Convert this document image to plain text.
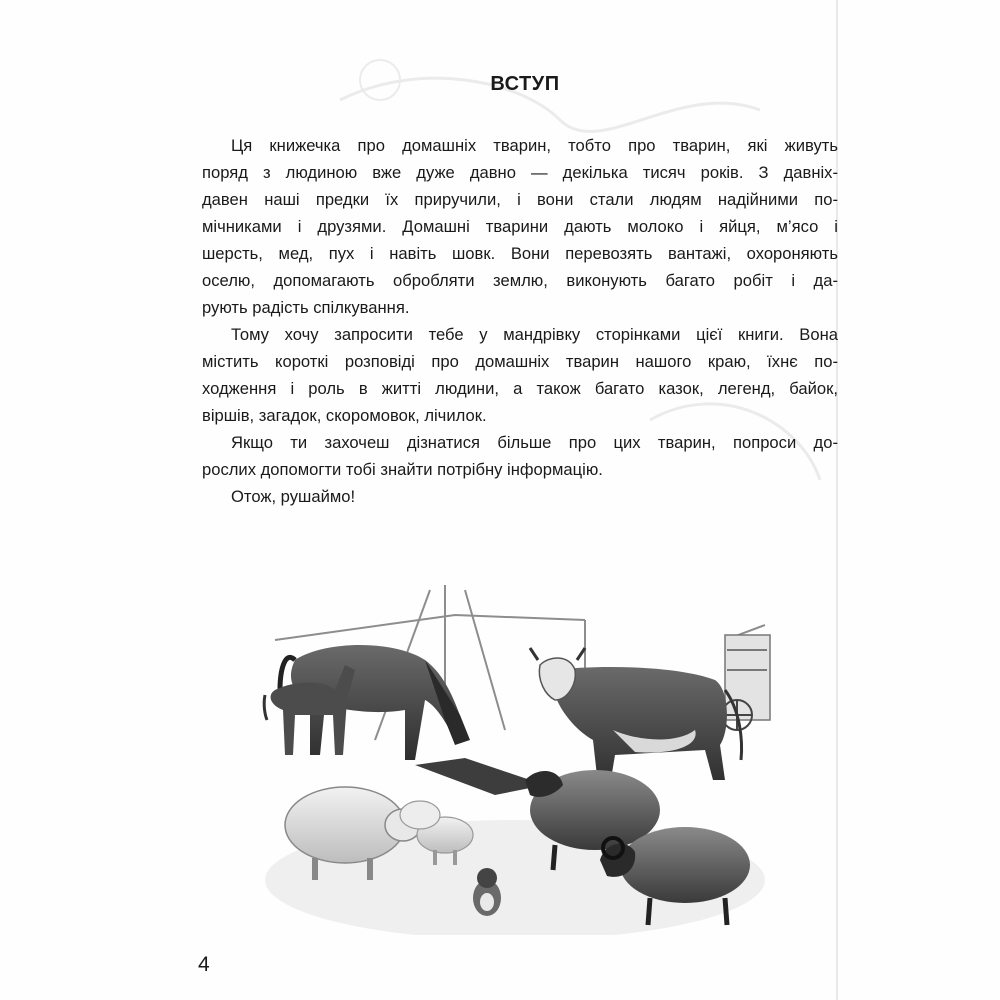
ВСТУП

Ця книжечка про домашніх тварин, тобто про тварин, які живуть
поряд з людиною вже дуже давно — декілька тисяч років. З давніх-
давен наші предки їх приручили, і вони стали людям надійними по-
мічниками і друзями. Домашні тварини дають молоко і яйця, м’ясо і
шерсть, мед, пух і навіть шовк. Вони перевозять вантажі, охороняють
оселю, допомагають обробляти землю, виконують багато робіт і да-
рують радість спілкування.

Тому хочу запросити тебе у мандрівку сторінками цієї книги. Вона
містить короткі розповіді про домашніх тварин нашого краю, їхнє по-
ходження і роль в житті людини, а також багато казок, легенд, байок,
віршів, загадок, скоромовок, лічилок.

Якщо ти захочеш дізнатися більше про цих тварин, попроси до-
рослих допомогти тобі знайти потрібну інформацію.

Отож, рушаймо!

4
